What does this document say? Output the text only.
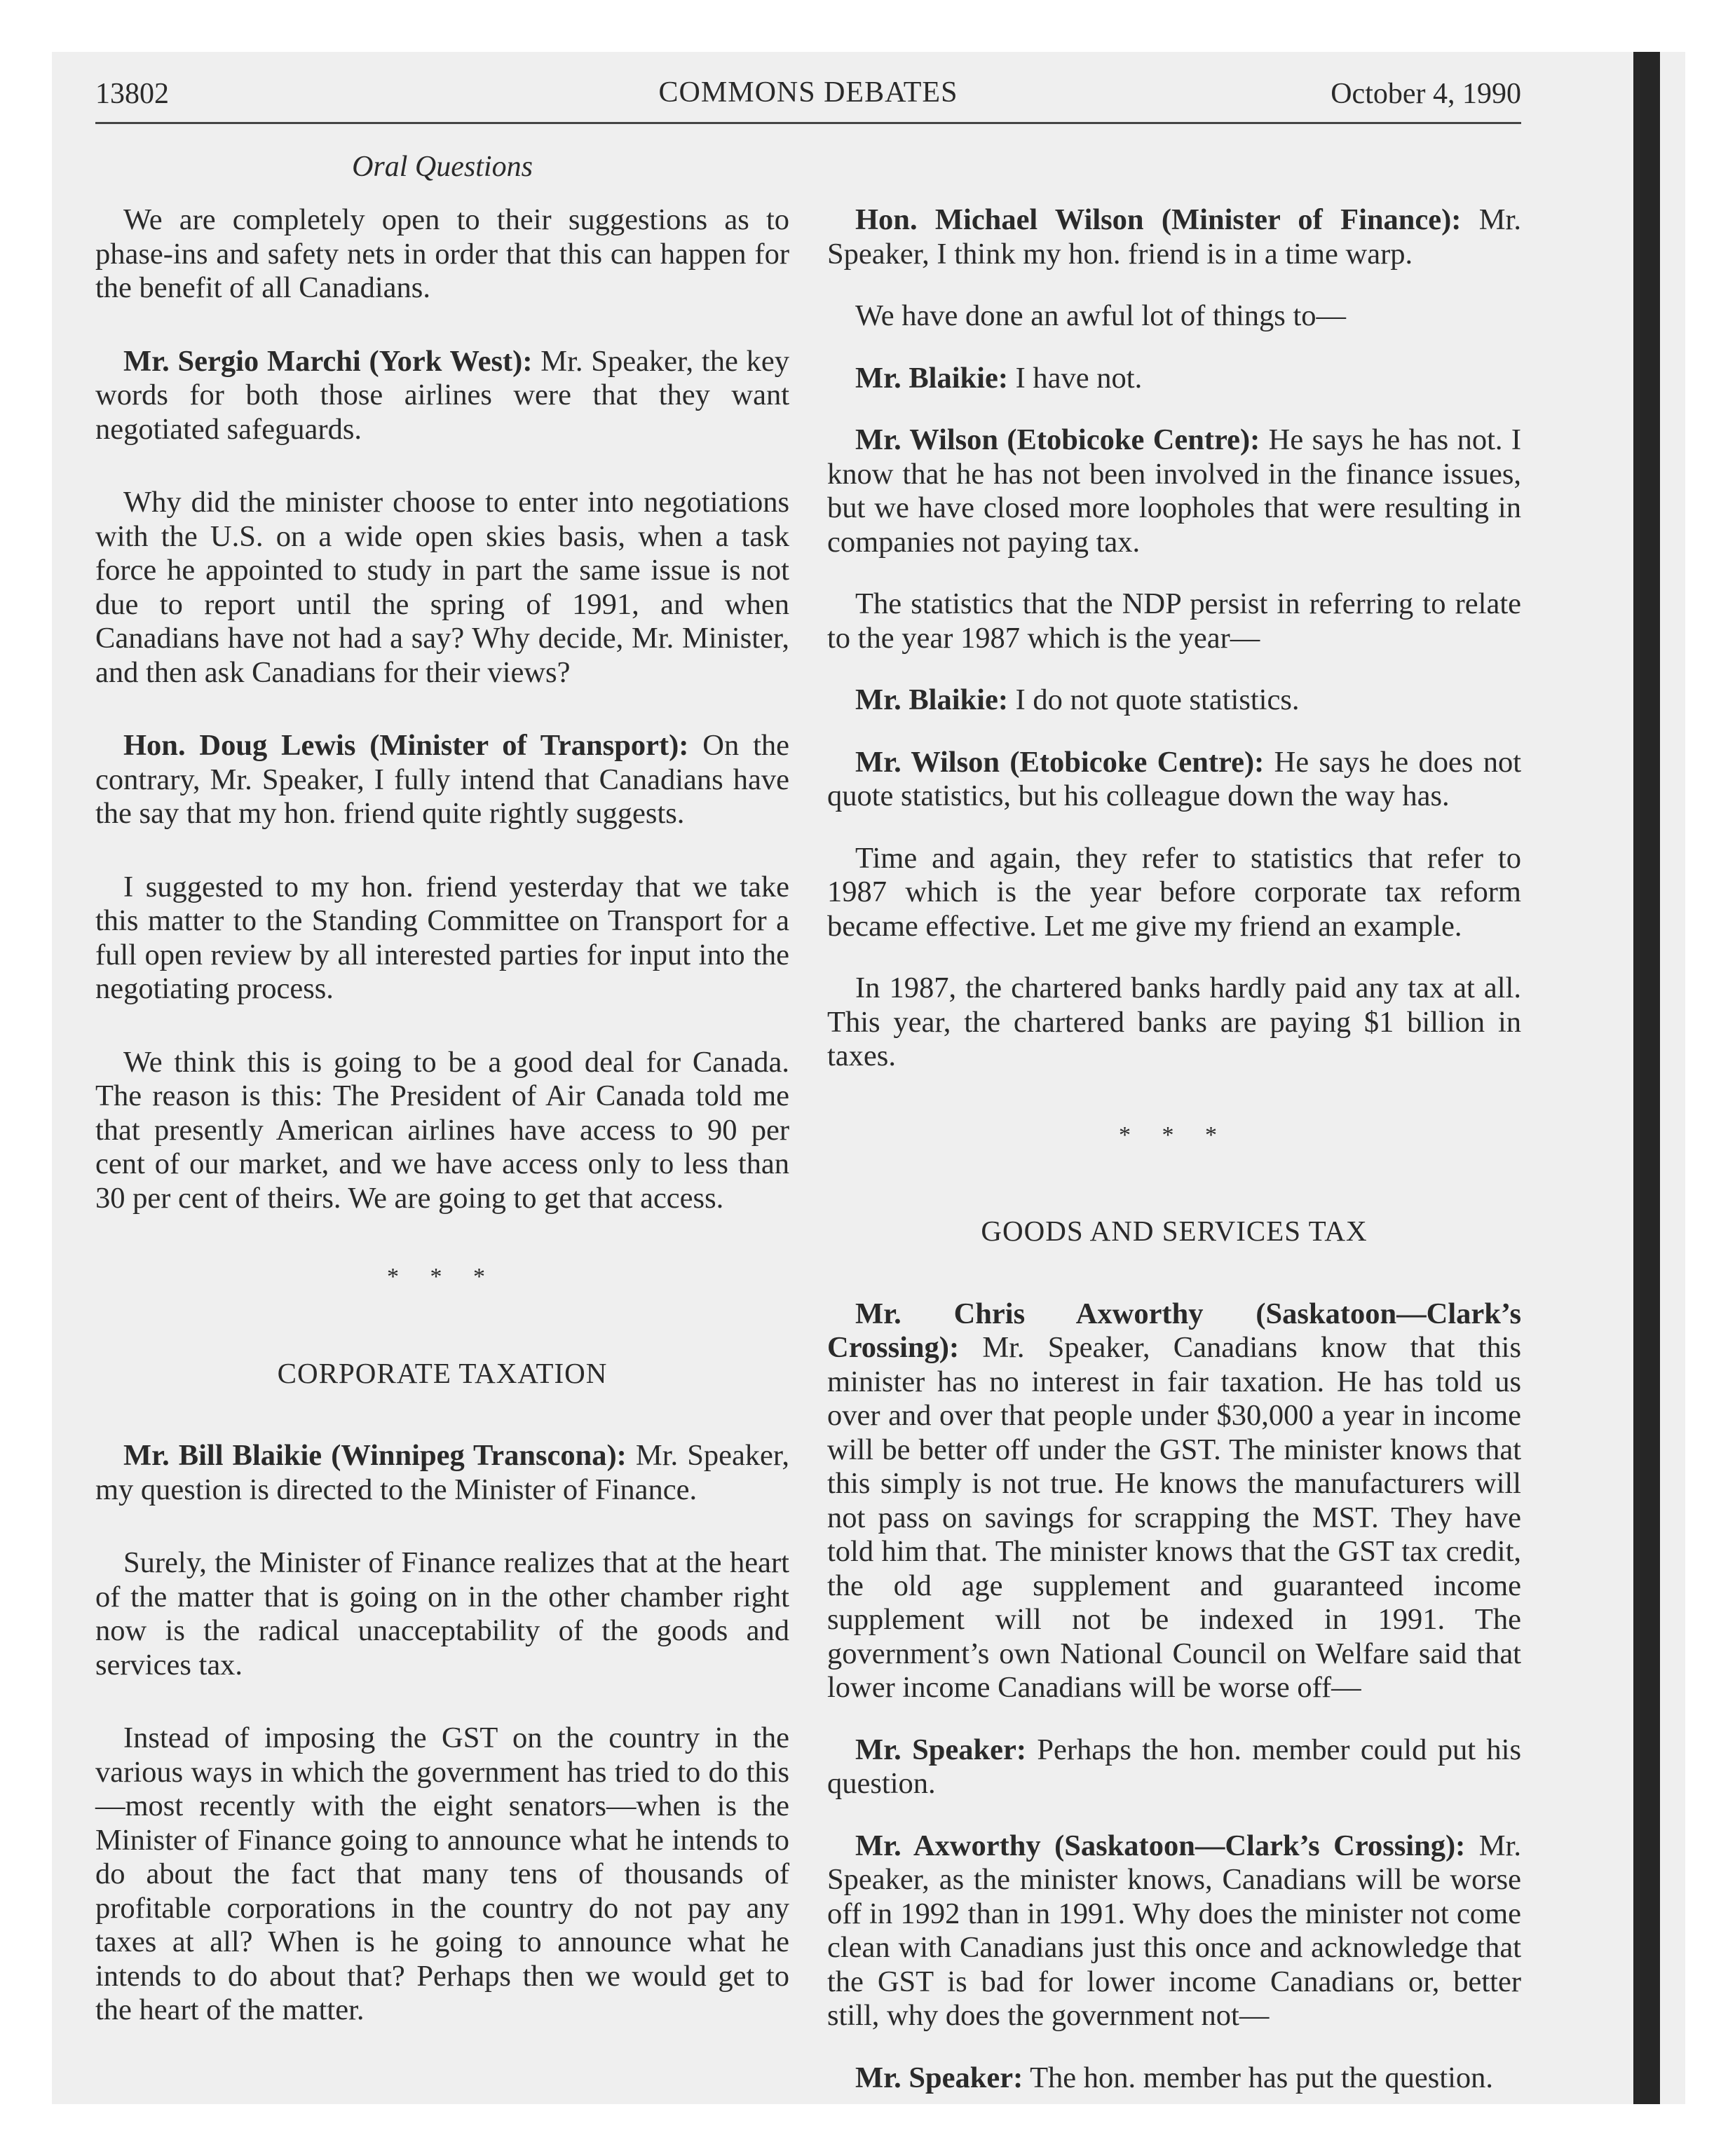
13802	COMMONS DEBATES	October 4, 1990
Oral Questions

We are completely open to their suggestions as to phase-ins and safety nets in order that this can happen for the benefit of all Canadians.

Mr. Sergio Marchi (York West): Mr. Speaker, the key words for both those airlines were that they want negotiated safeguards.

Why did the minister choose to enter into negotiations with the U.S. on a wide open skies basis, when a task force he appointed to study in part the same issue is not due to report until the spring of 1991, and when Canadians have not had a say? Why decide, Mr. Minister, and then ask Canadians for their views?

Hon. Doug Lewis (Minister of Transport): On the contrary, Mr. Speaker, I fully intend that Canadians have the say that my hon. friend quite rightly suggests.

I suggested to my hon. friend yesterday that we take this matter to the Standing Committee on Transport for a full open review by all interested parties for input into the negotiating process.

We think this is going to be a good deal for Canada. The reason is this: The President of Air Canada told me that presently American airlines have access to 90 per cent of our market, and we have access only to less than 30 per cent of theirs. We are going to get that access.

* * *
CORPORATE TAXATION

Mr. Bill Blaikie (Winnipeg Transcona): Mr. Speaker, my question is directed to the Minister of Finance.

Surely, the Minister of Finance realizes that at the heart of the matter that is going on in the other chamber right now is the radical unacceptability of the goods and services tax.

Instead of imposing the GST on the country in the various ways in which the government has tried to do this—most recently with the eight senators—when is the Minister of Finance going to announce what he intends to do about the fact that many tens of thousands of profitable corporations in the country do not pay any taxes at all? When is he going to announce what he intends to do about that? Perhaps then we would get to the heart of the matter.

Hon. Michael Wilson (Minister of Finance): Mr. Speaker, I think my hon. friend is in a time warp.

We have done an awful lot of things to—

Mr. Blaikie: I have not.

Mr. Wilson (Etobicoke Centre): He says he has not. I know that he has not been involved in the finance issues, but we have closed more loopholes that were resulting in companies not paying tax.

The statistics that the NDP persist in referring to relate to the year 1987 which is the year—

Mr. Blaikie: I do not quote statistics.

Mr. Wilson (Etobicoke Centre): He says he does not quote statistics, but his colleague down the way has.

Time and again, they refer to statistics that refer to 1987 which is the year before corporate tax reform became effective. Let me give my friend an example.

In 1987, the chartered banks hardly paid any tax at all. This year, the chartered banks are paying $1 billion in taxes.

* * *
GOODS AND SERVICES TAX

Mr. Chris Axworthy (Saskatoon—Clark’s Crossing): Mr. Speaker, Canadians know that this minister has no interest in fair taxation. He has told us over and over that people under $30,000 a year in income will be better off under the GST. The minister knows that this simply is not true. He knows the manufacturers will not pass on savings for scrapping the MST. They have told him that. The minister knows that the GST tax credit, the old age supplement and guaranteed income supplement will not be indexed in 1991. The government’s own National Council on Welfare said that lower income Canadians will be worse off—

Mr. Speaker: Perhaps the hon. member could put his question.

Mr. Axworthy (Saskatoon—Clark’s Crossing): Mr. Speaker, as the minister knows, Canadians will be worse off in 1992 than in 1991. Why does the minister not come clean with Canadians just this once and acknowledge that the GST is bad for lower income Canadians or, better still, why does the government not—

Mr. Speaker: The hon. member has put the question.
